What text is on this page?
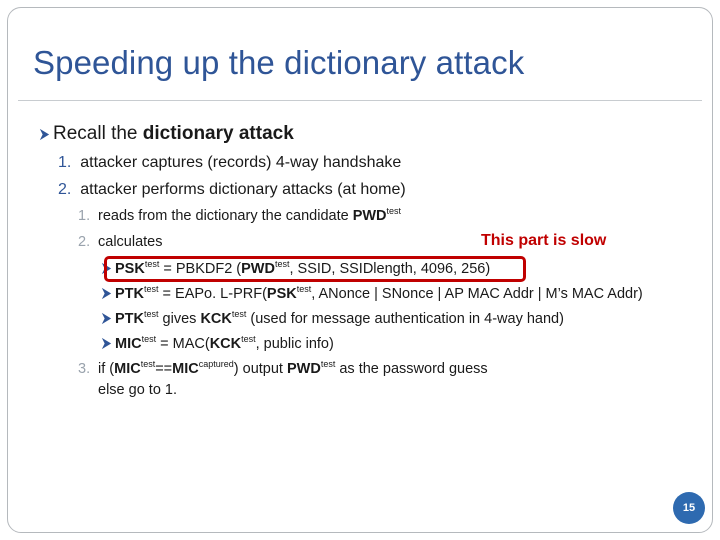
Speeding up the dictionary attack
Recall the dictionary attack
1. attacker captures (records) 4-way handshake
2. attacker performs dictionary attacks (at home)
1. reads from the dictionary the candidate $PWD^{test}$
2. calculates	This part is slow
$PSK^{test}$ = PBKDF2 ($PWD^{test}$, SSID, SSIDlength, 4096, 256)
$PTK^{test}$ = EAPo. $L-PRF(PSK^{test}$, ANonce | SNonce | AP MAC Addr | M’s MAC Addr)
$PTK^{test}$ gives $KCK^{test}$ (used for message authentication in 4-way hand)
$MIC^{test} = MAC(KCK^{test}$, public info)
3. if $(MIC^{test}==MIC^{captured})$ output $PWD^{test}$ as the password guess
else go to 1.
15
